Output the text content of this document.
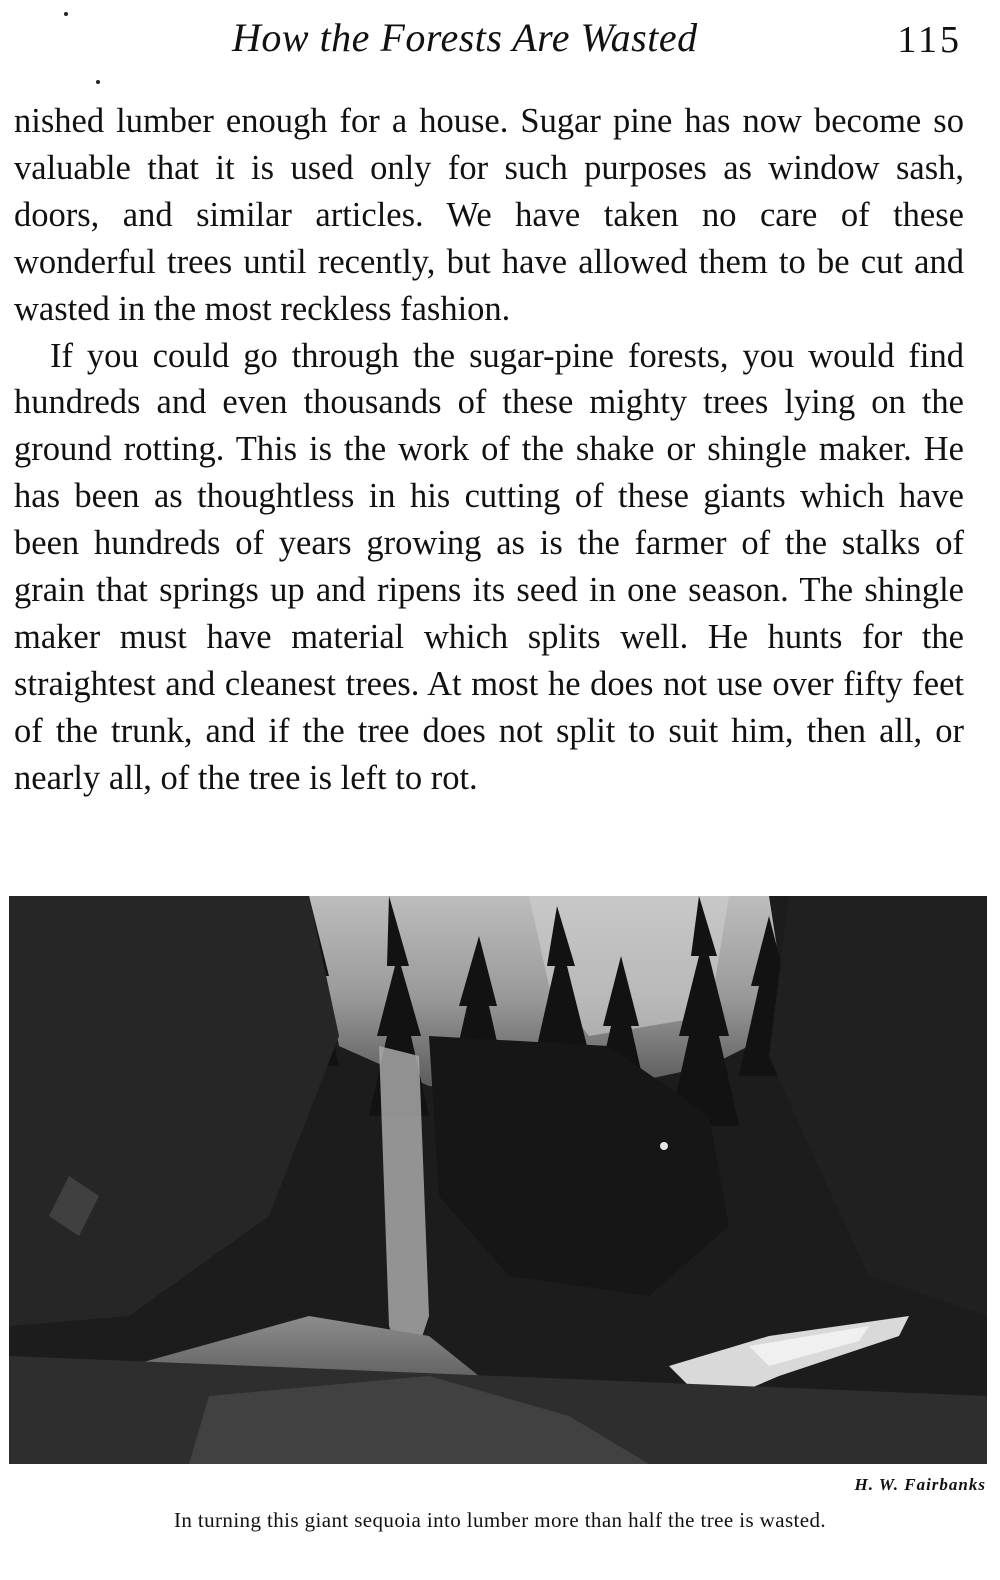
How the Forests Are Wasted	115

nished lumber enough for a house. Sugar pine has now become so valuable that it is used only for such purposes as window sash, doors, and similar articles. We have taken no care of these wonderful trees until recently, but have allowed them to be cut and wasted in the most reckless fashion.

If you could go through the sugar-pine forests, you would find hundreds and even thousands of these mighty trees lying on the ground rotting. This is the work of the shake or shingle maker. He has been as thoughtless in his cutting of these giants which have been hundreds of years growing as is the farmer of the stalks of grain that springs up and ripens its seed in one season. The shingle maker must have material which splits well. He hunts for the straightest and cleanest trees. At most he does not use over fifty feet of the trunk, and if the tree does not split to suit him, then all, or nearly all, of the tree is left to rot.

H. W. Fairbanks
In turning this giant sequoia into lumber more than half the tree is wasted.
